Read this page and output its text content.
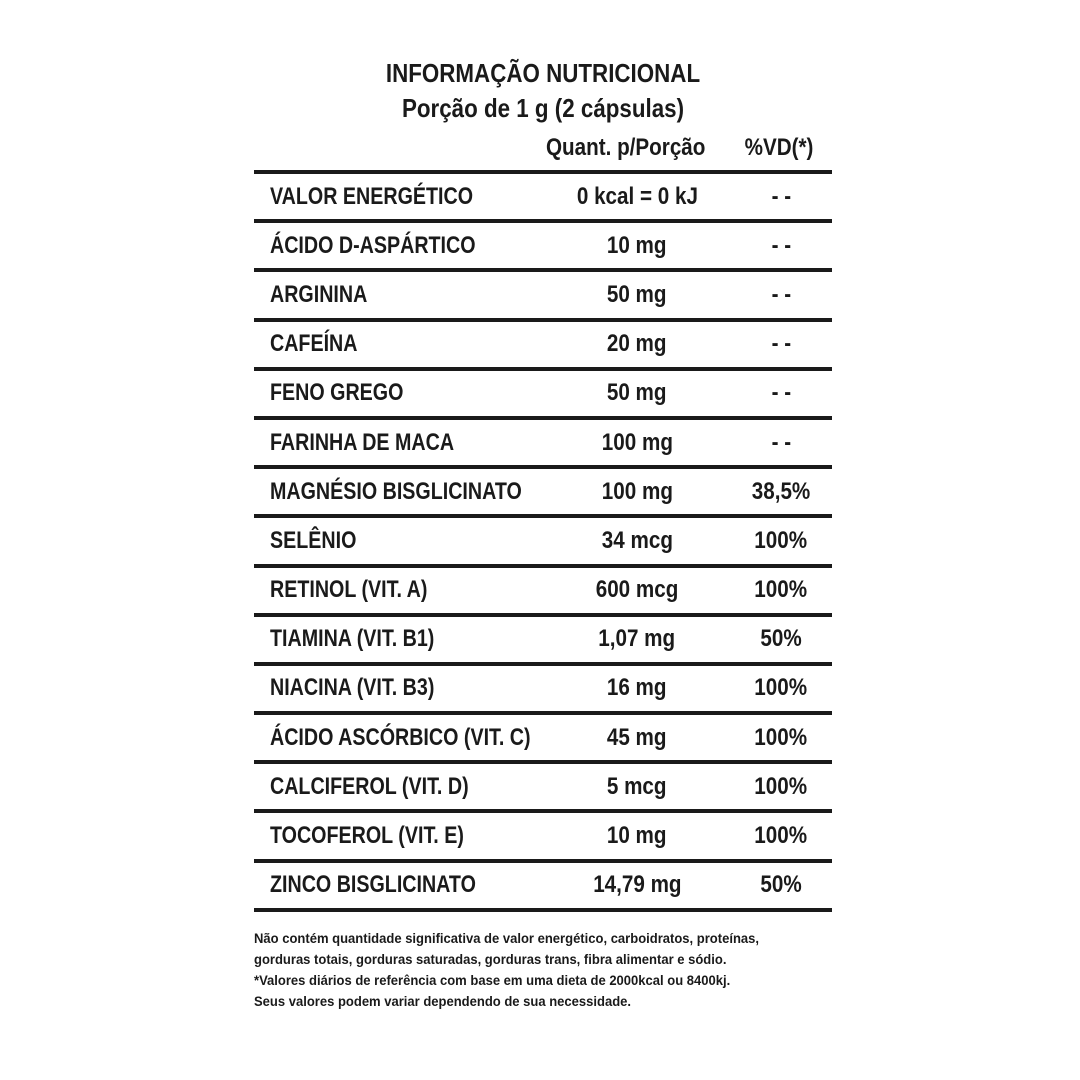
INFORMAÇÃO NUTRICIONAL
Porção de 1 g (2 cápsulas)
Quant. p/Porção	%VD(*)
VALOR ENERGÉTICO	0 kcal = 0 kJ	- -
ÁCIDO D-ASPÁRTICO	10 mg	- -
ARGININA	50 mg	- -
CAFEÍNA	20 mg	- -
FENO GREGO	50 mg	- -
FARINHA DE MACA	100 mg	- -
MAGNÉSIO BISGLICINATO	100 mg	38,5%
SELÊNIO	34 mcg	100%
RETINOL (VIT. A)	600 mcg	100%
TIAMINA (VIT. B1)	1,07 mg	50%
NIACINA (VIT. B3)	16 mg	100%
ÁCIDO ASCÓRBICO (VIT. C)	45 mg	100%
CALCIFEROL (VIT. D)	5 mcg	100%
TOCOFEROL (VIT. E)	10 mg	100%
ZINCO BISGLICINATO	14,79 mg	50%
Não contém quantidade significativa de valor energético, carboidratos, proteínas,
gorduras totais, gorduras saturadas, gorduras trans, fibra alimentar e sódio.
*Valores diários de referência com base em uma dieta de 2000kcal ou 8400kj.
Seus valores podem variar dependendo de sua necessidade.
